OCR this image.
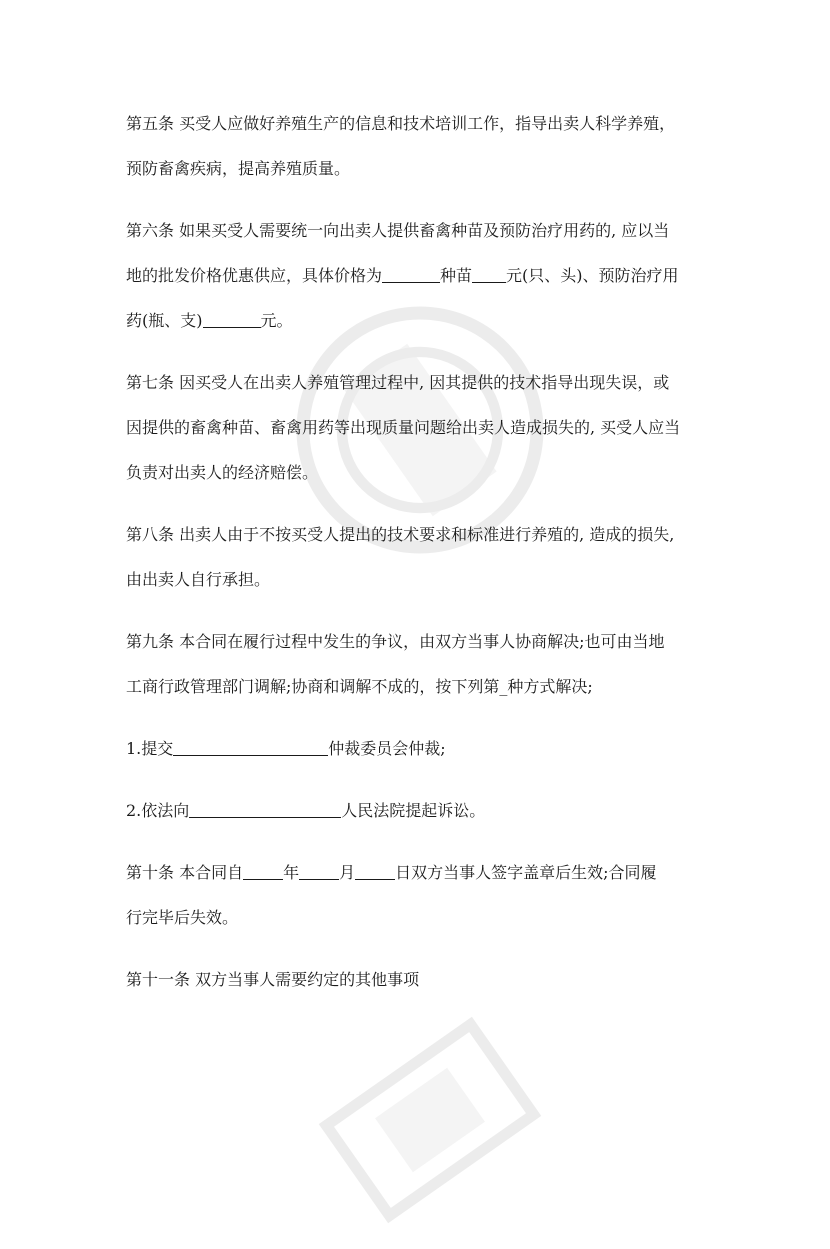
第五条 买受人应做好养殖生产的信息和技术培训工作，指导出卖人科学养殖，
预防畜禽疾病，提高养殖质量。
第六条 如果买受人需要统一向出卖人提供畜禽种苗及预防治疗用药的, 应以当
地的批发价格优惠供应，具体价格为	种苗 元(只、头)、预防治疗用
药(瓶、支)	元。
第七条 因买受人在出卖人养殖管理过程中, 因其提供的技术指导出现失误，或
因提供的畜禽种苗、畜禽用药等出现质量问题给出卖人造成损失的, 买受人应当
负责对出卖人的经济赔偿。
第八条 出卖人由于不按买受人提出的技术要求和标准进行养殖的, 造成的损失,
由出卖人自行承担。
第九条 本合同在履行过程中发生的争议，由双方当事人协商解决;也可由当地
工商行政管理部门调解;协商和调解不成的，按下列第_种方式解决;
1.提交	仲裁委员会仲裁;
2.依法向	人民法院提起诉讼。
第十条 本合同自	年	月	日双方当事人签字盖章后生效;合同履
行完毕后失效。
第十一条 双方当事人需要约定的其他事项
